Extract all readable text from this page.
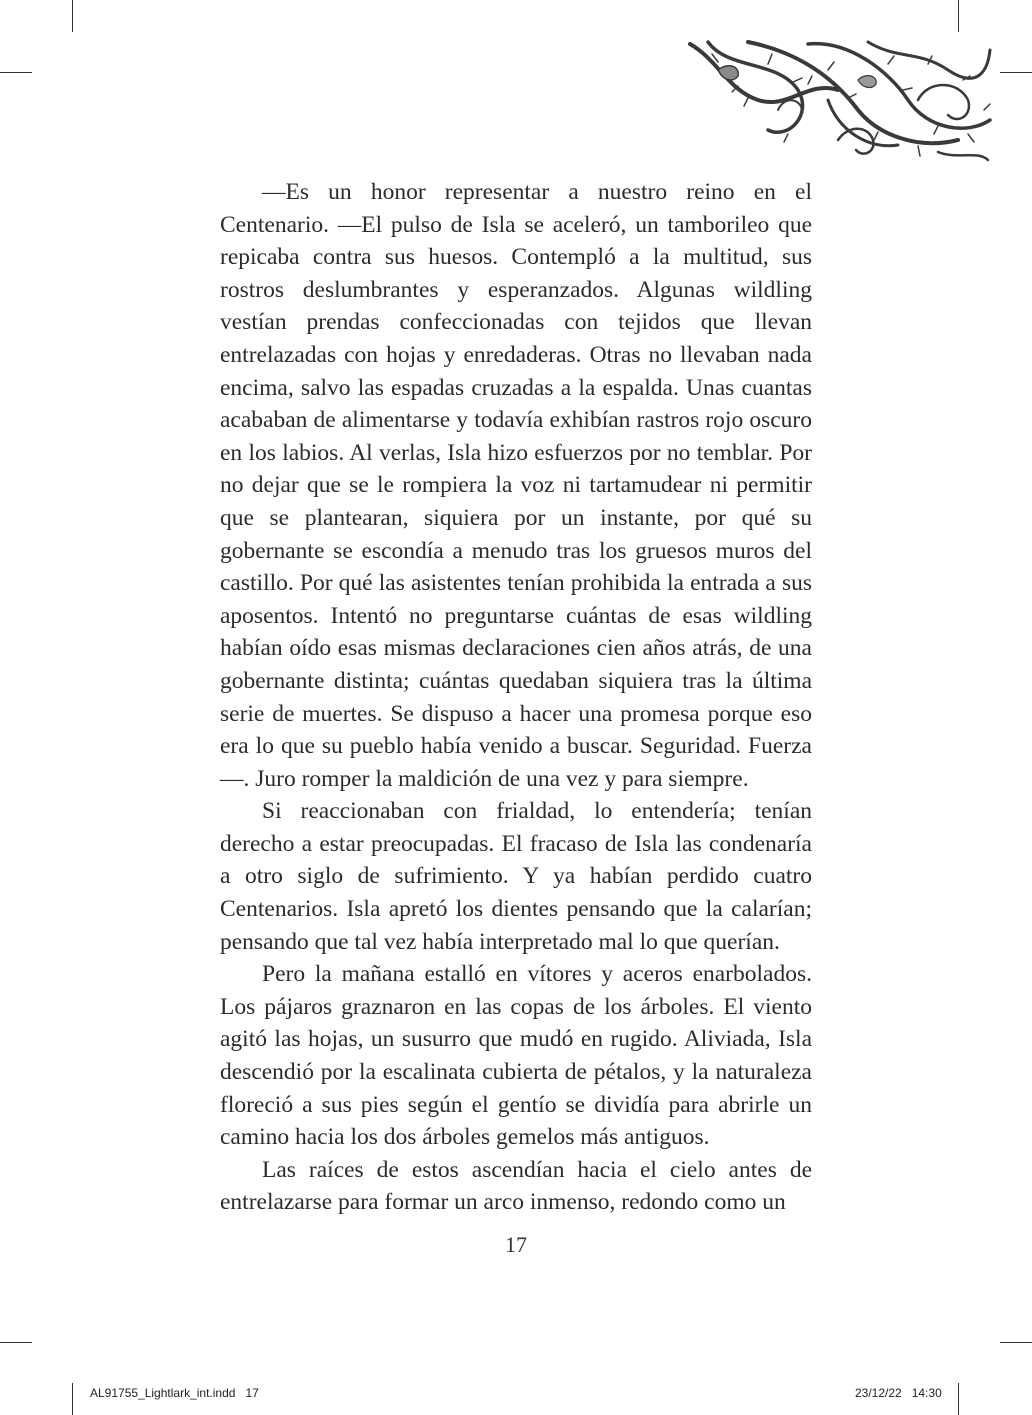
—Es un honor representar a nuestro reino en el Centenario. —El pulso de Isla se aceleró, un tamborileo que repicaba contra sus huesos. Contempló a la multitud, sus rostros deslumbrantes y esperanzados. Algunas wildling vestían prendas confeccionadas con tejidos que llevan entrelazadas con hojas y enredaderas. Otras no llevaban nada encima, salvo las espadas cruzadas a la espalda. Unas cuantas acababan de alimentarse y todavía exhibían rastros rojo oscuro en los labios. Al verlas, Isla hizo esfuerzos por no temblar. Por no dejar que se le rompiera la voz ni tartamudear ni permitir que se plantearan, siquiera por un instante, por qué su gobernante se escondía a menudo tras los gruesos muros del castillo. Por qué las asistentes tenían prohibida la entrada a sus aposentos. Intentó no preguntarse cuántas de esas wildling habían oído esas mismas declaraciones cien años atrás, de una gobernante distinta; cuántas quedaban siquiera tras la última serie de muertes. Se dispuso a hacer una promesa porque eso era lo que su pueblo había venido a buscar. Seguridad. Fuerza—. Juro romper la maldición de una vez y para siempre.

Si reaccionaban con frialdad, lo entendería; tenían derecho a estar preocupadas. El fracaso de Isla las condenaría a otro siglo de sufrimiento. Y ya habían perdido cuatro Centenarios. Isla apretó los dientes pensando que la calarían; pensando que tal vez había interpretado mal lo que querían.

Pero la mañana estalló en vítores y aceros enarbolados. Los pájaros graznaron en las copas de los árboles. El viento agitó las hojas, un susurro que mudó en rugido. Aliviada, Isla descendió por la escalinata cubierta de pétalos, y la naturaleza floreció a sus pies según el gentío se dividía para abrirle un camino hacia los dos árboles gemelos más antiguos.

Las raíces de estos ascendían hacia el cielo antes de entrelazarse para formar un arco inmenso, redondo como un

17
AL91755_Lightlark_int.indd   17	23/12/22   14:30
